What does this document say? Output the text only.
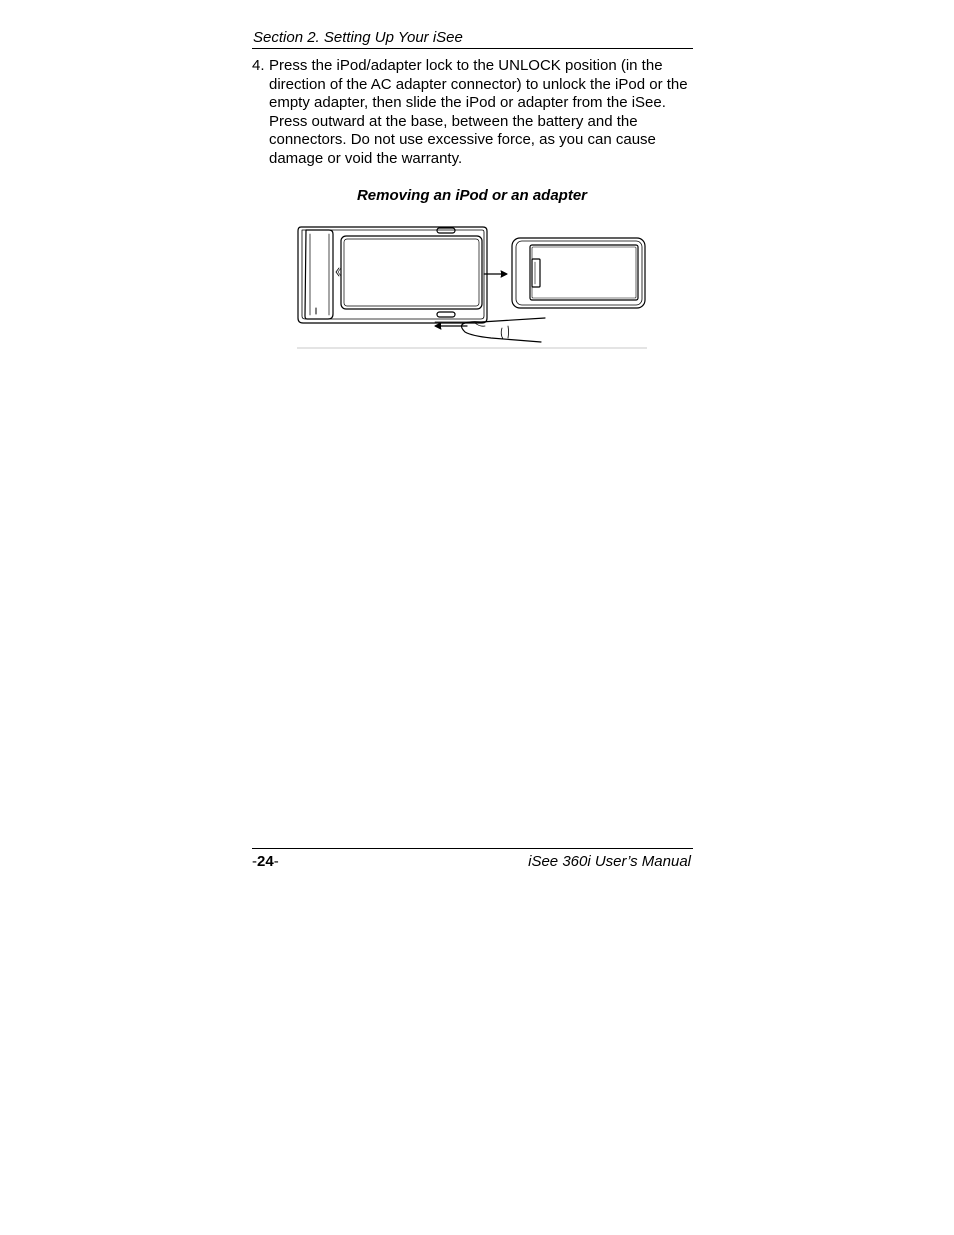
Section 2. Setting Up Your iSee
4. Press the iPod/adapter lock to the UNLOCK position (in the direction of the AC adapter connector) to unlock the iPod or the empty adapter, then slide the iPod or adapter from the iSee. Press outward at the base, between the battery and the connectors. Do not use excessive force, as you can cause damage or void the warranty.
Removing an iPod or an adapter
-24-	iSee 360i User’s Manual
